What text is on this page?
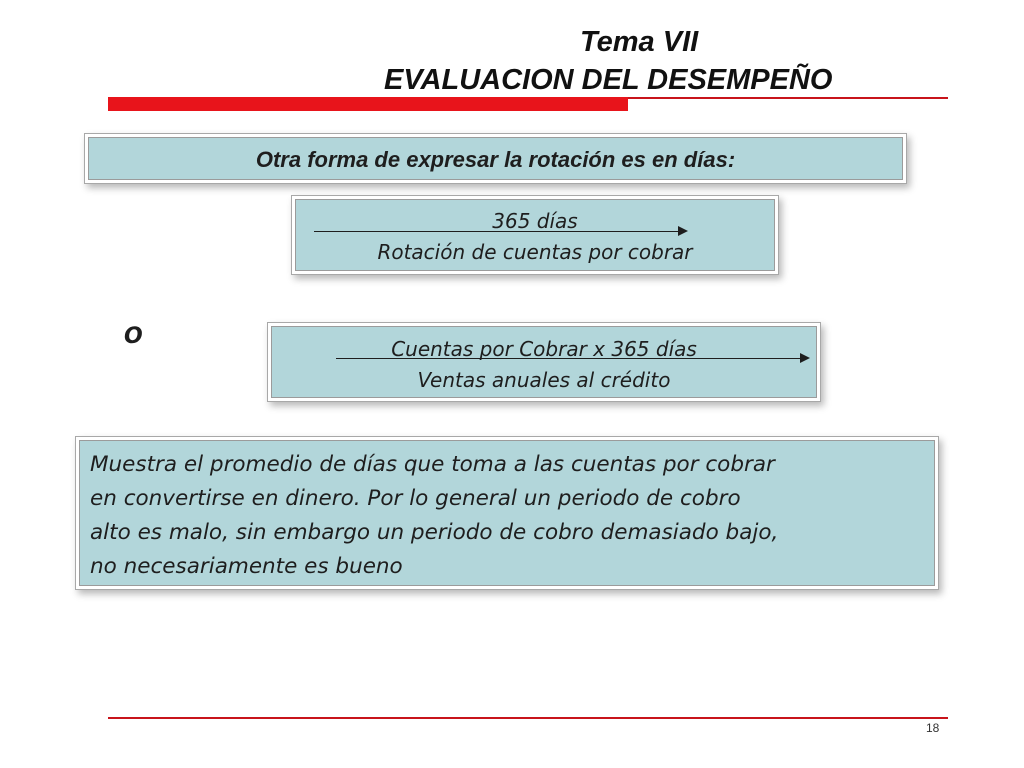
Tema VII
EVALUACION DEL DESEMPEÑO
Otra forma de expresar la rotación es en días:
365 días
Rotación de cuentas por cobrar
O	Cuentas por Cobrar x 365 días
Ventas anuales al crédito
Muestra el promedio de días que toma a las cuentas por cobrar
en convertirse en dinero. Por lo general un periodo de cobro
alto es malo, sin embargo un periodo de cobro demasiado bajo,
no necesariamente es bueno
18
